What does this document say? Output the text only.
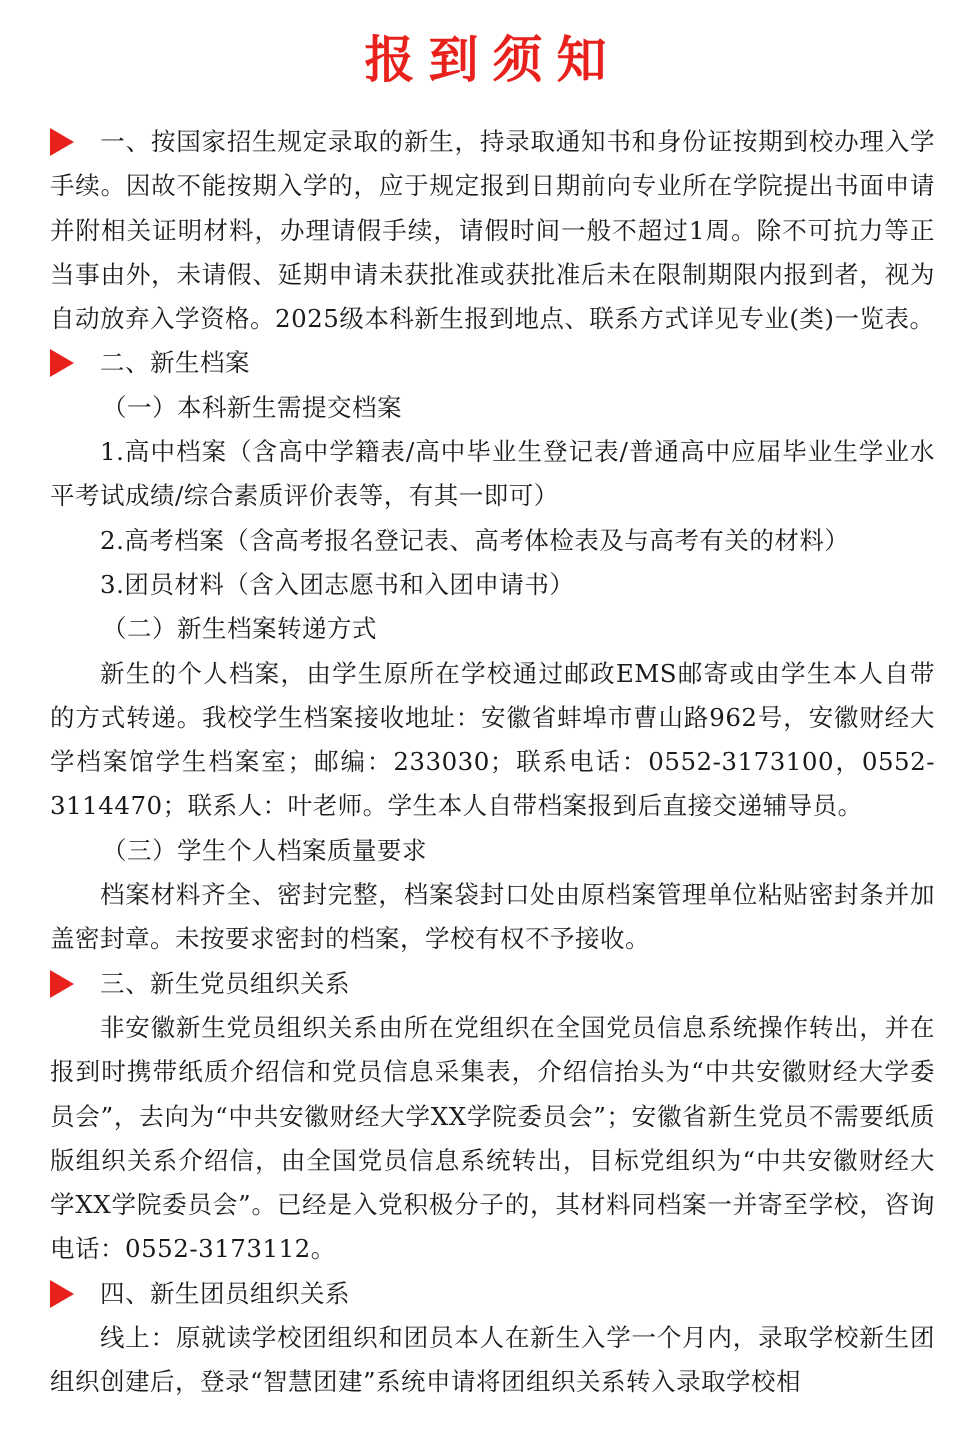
报到须知

一、按国家招生规定录取的新生，持录取通知书和身份证按期到校办理入学手续。因故不能按期入学的，应于规定报到日期前向专业所在学院提出书面申请并附相关证明材料，办理请假手续，请假时间一般不超过1周。除不可抗力等正当事由外，未请假、延期申请未获批准或获批准后未在限制期限内报到者，视为自动放弃入学资格。2025级本科新生报到地点、联系方式详见专业(类)一览表。

二、新生档案

（一）本科新生需提交档案

1.高中档案（含高中学籍表/高中毕业生登记表/普通高中应届毕业生学业水平考试成绩/综合素质评价表等，有其一即可）

2.高考档案（含高考报名登记表、高考体检表及与高考有关的材料）

3.团员材料（含入团志愿书和入团申请书）

（二）新生档案转递方式

新生的个人档案，由学生原所在学校通过邮政EMS邮寄或由学生本人自带的方式转递。我校学生档案接收地址：安徽省蚌埠市曹山路962号，安徽财经大学档案馆学生档案室；邮编：233030；联系电话：0552-3173100，0552-3114470；联系人：叶老师。学生本人自带档案报到后直接交递辅导员。

（三）学生个人档案质量要求

档案材料齐全、密封完整，档案袋封口处由原档案管理单位粘贴密封条并加盖密封章。未按要求密封的档案，学校有权不予接收。

三、新生党员组织关系

非安徽新生党员组织关系由所在党组织在全国党员信息系统操作转出，并在报到时携带纸质介绍信和党员信息采集表，介绍信抬头为“中共安徽财经大学委员会”，去向为“中共安徽财经大学XX学院委员会”；安徽省新生党员不需要纸质版组织关系介绍信，由全国党员信息系统转出，目标党组织为“中共安徽财经大学XX学院委员会”。已经是入党积极分子的，其材料同档案一并寄至学校，咨询电话：0552-3173112。

四、新生团员组织关系

线上：原就读学校团组织和团员本人在新生入学一个月内，录取学校新生团组织创建后，登录“智慧团建”系统申请将团组织关系转入录取学校相
